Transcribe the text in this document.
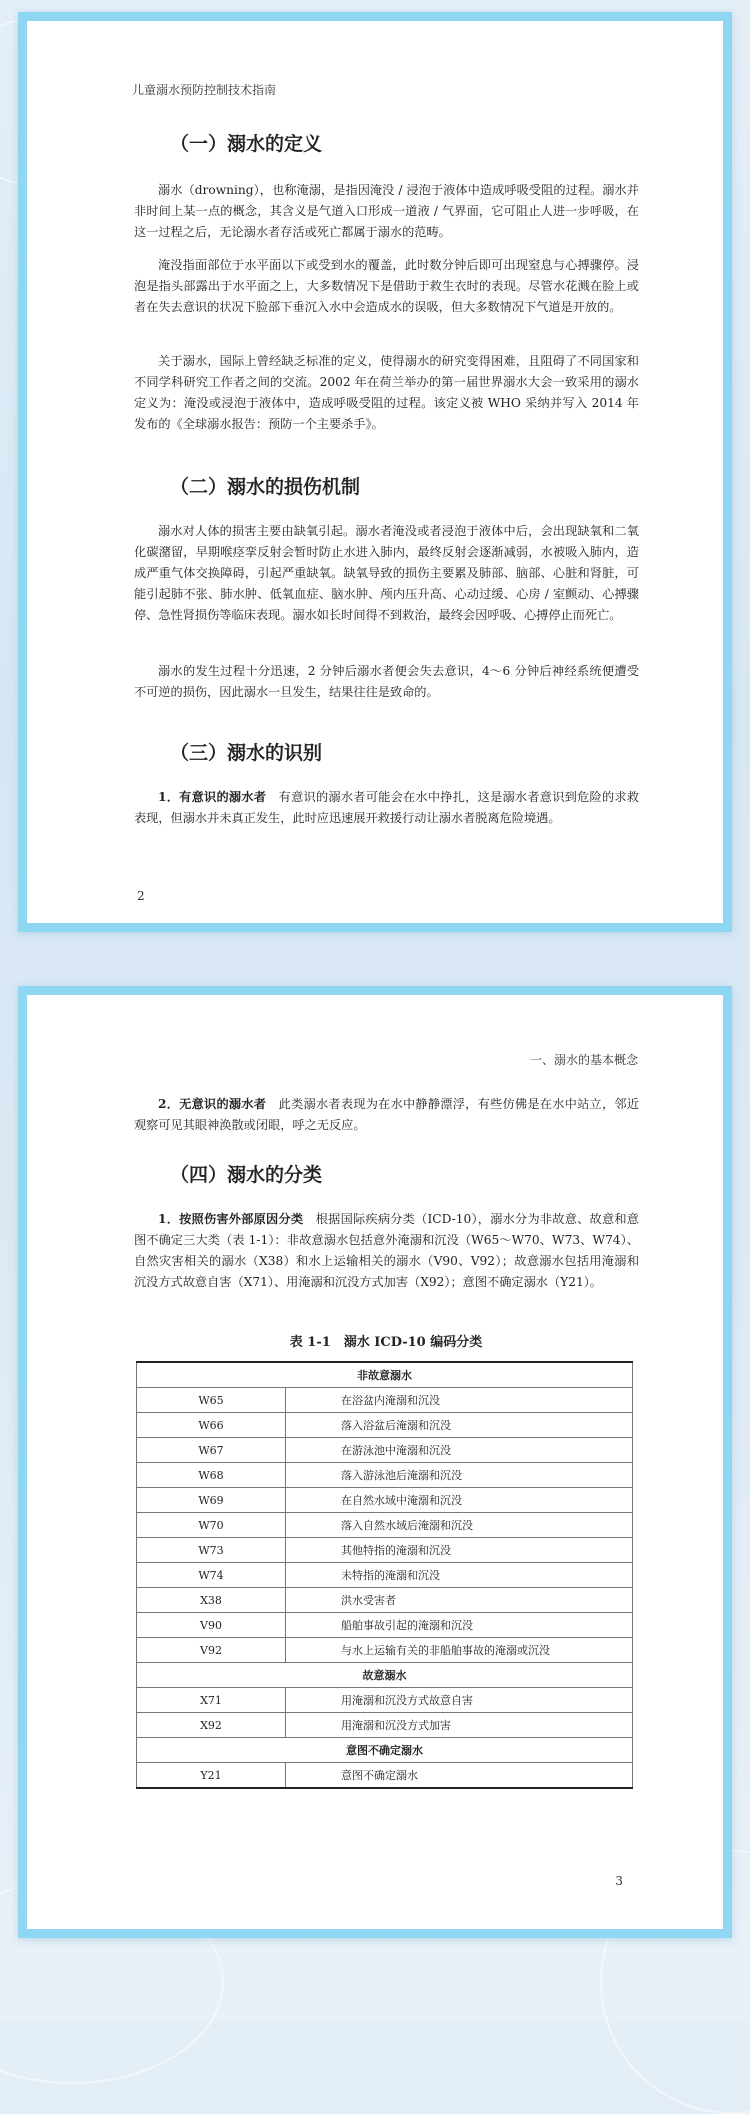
儿童溺水预防控制技术指南
（一）溺水的定义

溺水（drowning），也称淹溺，是指因淹没 / 浸泡于液体中造成呼吸受阻的过程。溺水并非时间上某一点的概念，其含义是气道入口形成一道液 / 气界面，它可阻止人进一步呼吸，在这一过程之后，无论溺水者存活或死亡都属于溺水的范畴。

淹没指面部位于水平面以下或受到水的覆盖，此时数分钟后即可出现窒息与心搏骤停。浸泡是指头部露出于水平面之上，大多数情况下是借助于救生衣时的表现。尽管水花溅在脸上或者在失去意识的状况下脸部下垂沉入水中会造成水的误吸，但大多数情况下气道是开放的。

关于溺水，国际上曾经缺乏标准的定义，使得溺水的研究变得困难，且阻碍了不同国家和不同学科研究工作者之间的交流。2002 年在荷兰举办的第一届世界溺水大会一致采用的溺水定义为：淹没或浸泡于液体中，造成呼吸受阻的过程。该定义被 WHO 采纳并写入 2014 年发布的《全球溺水报告：预防一个主要杀手》。

（二）溺水的损伤机制

溺水对人体的损害主要由缺氧引起。溺水者淹没或者浸泡于液体中后，会出现缺氧和二氧化碳潴留，早期喉痉挛反射会暂时防止水进入肺内，最终反射会逐渐减弱，水被吸入肺内，造成严重气体交换障碍，引起严重缺氧。缺氧导致的损伤主要累及肺部、脑部、心脏和肾脏，可能引起肺不张、肺水肿、低氧血症、脑水肿、颅内压升高、心动过缓、心房 / 室颤动、心搏骤停、急性肾损伤等临床表现。溺水如长时间得不到救治，最终会因呼吸、心搏停止而死亡。

溺水的发生过程十分迅速，2 分钟后溺水者便会失去意识，4～6 分钟后神经系统便遭受不可逆的损伤，因此溺水一旦发生，结果往往是致命的。

（三）溺水的识别

1．有意识的溺水者　有意识的溺水者可能会在水中挣扎，这是溺水者意识到危险的求救表现，但溺水并未真正发生，此时应迅速展开救援行动让溺水者脱离危险境遇。

2
一、溺水的基本概念

2．无意识的溺水者　此类溺水者表现为在水中静静漂浮，有些仿佛是在水中站立，邻近观察可见其眼神涣散或闭眼，呼之无反应。

（四）溺水的分类

1．按照伤害外部原因分类　根据国际疾病分类（ICD-10），溺水分为非故意、故意和意图不确定三大类（表 1-1）：非故意溺水包括意外淹溺和沉没（W65～W70、W73、W74）、自然灾害相关的溺水（X38）和水上运输相关的溺水（V90、V92）；故意溺水包括用淹溺和沉没方式故意自害（X71）、用淹溺和沉没方式加害（X92）；意图不确定溺水（Y21）。

表 1-1　溺水 ICD-10 编码分类
非故意溺水	
W65	在浴盆内淹溺和沉没
W66	落入浴盆后淹溺和沉没
W67	在游泳池中淹溺和沉没
W68	落入游泳池后淹溺和沉没
W69	在自然水域中淹溺和沉没
W70	落入自然水域后淹溺和沉没
W73	其他特指的淹溺和沉没
W74	未特指的淹溺和沉没
X38	洪水受害者
V90	船舶事故引起的淹溺和沉没
V92	与水上运输有关的非船舶事故的淹溺或沉没
故意溺水	
X71	用淹溺和沉没方式故意自害
X92	用淹溺和沉没方式加害
意图不确定溺水	
Y21	意图不确定溺水
3
